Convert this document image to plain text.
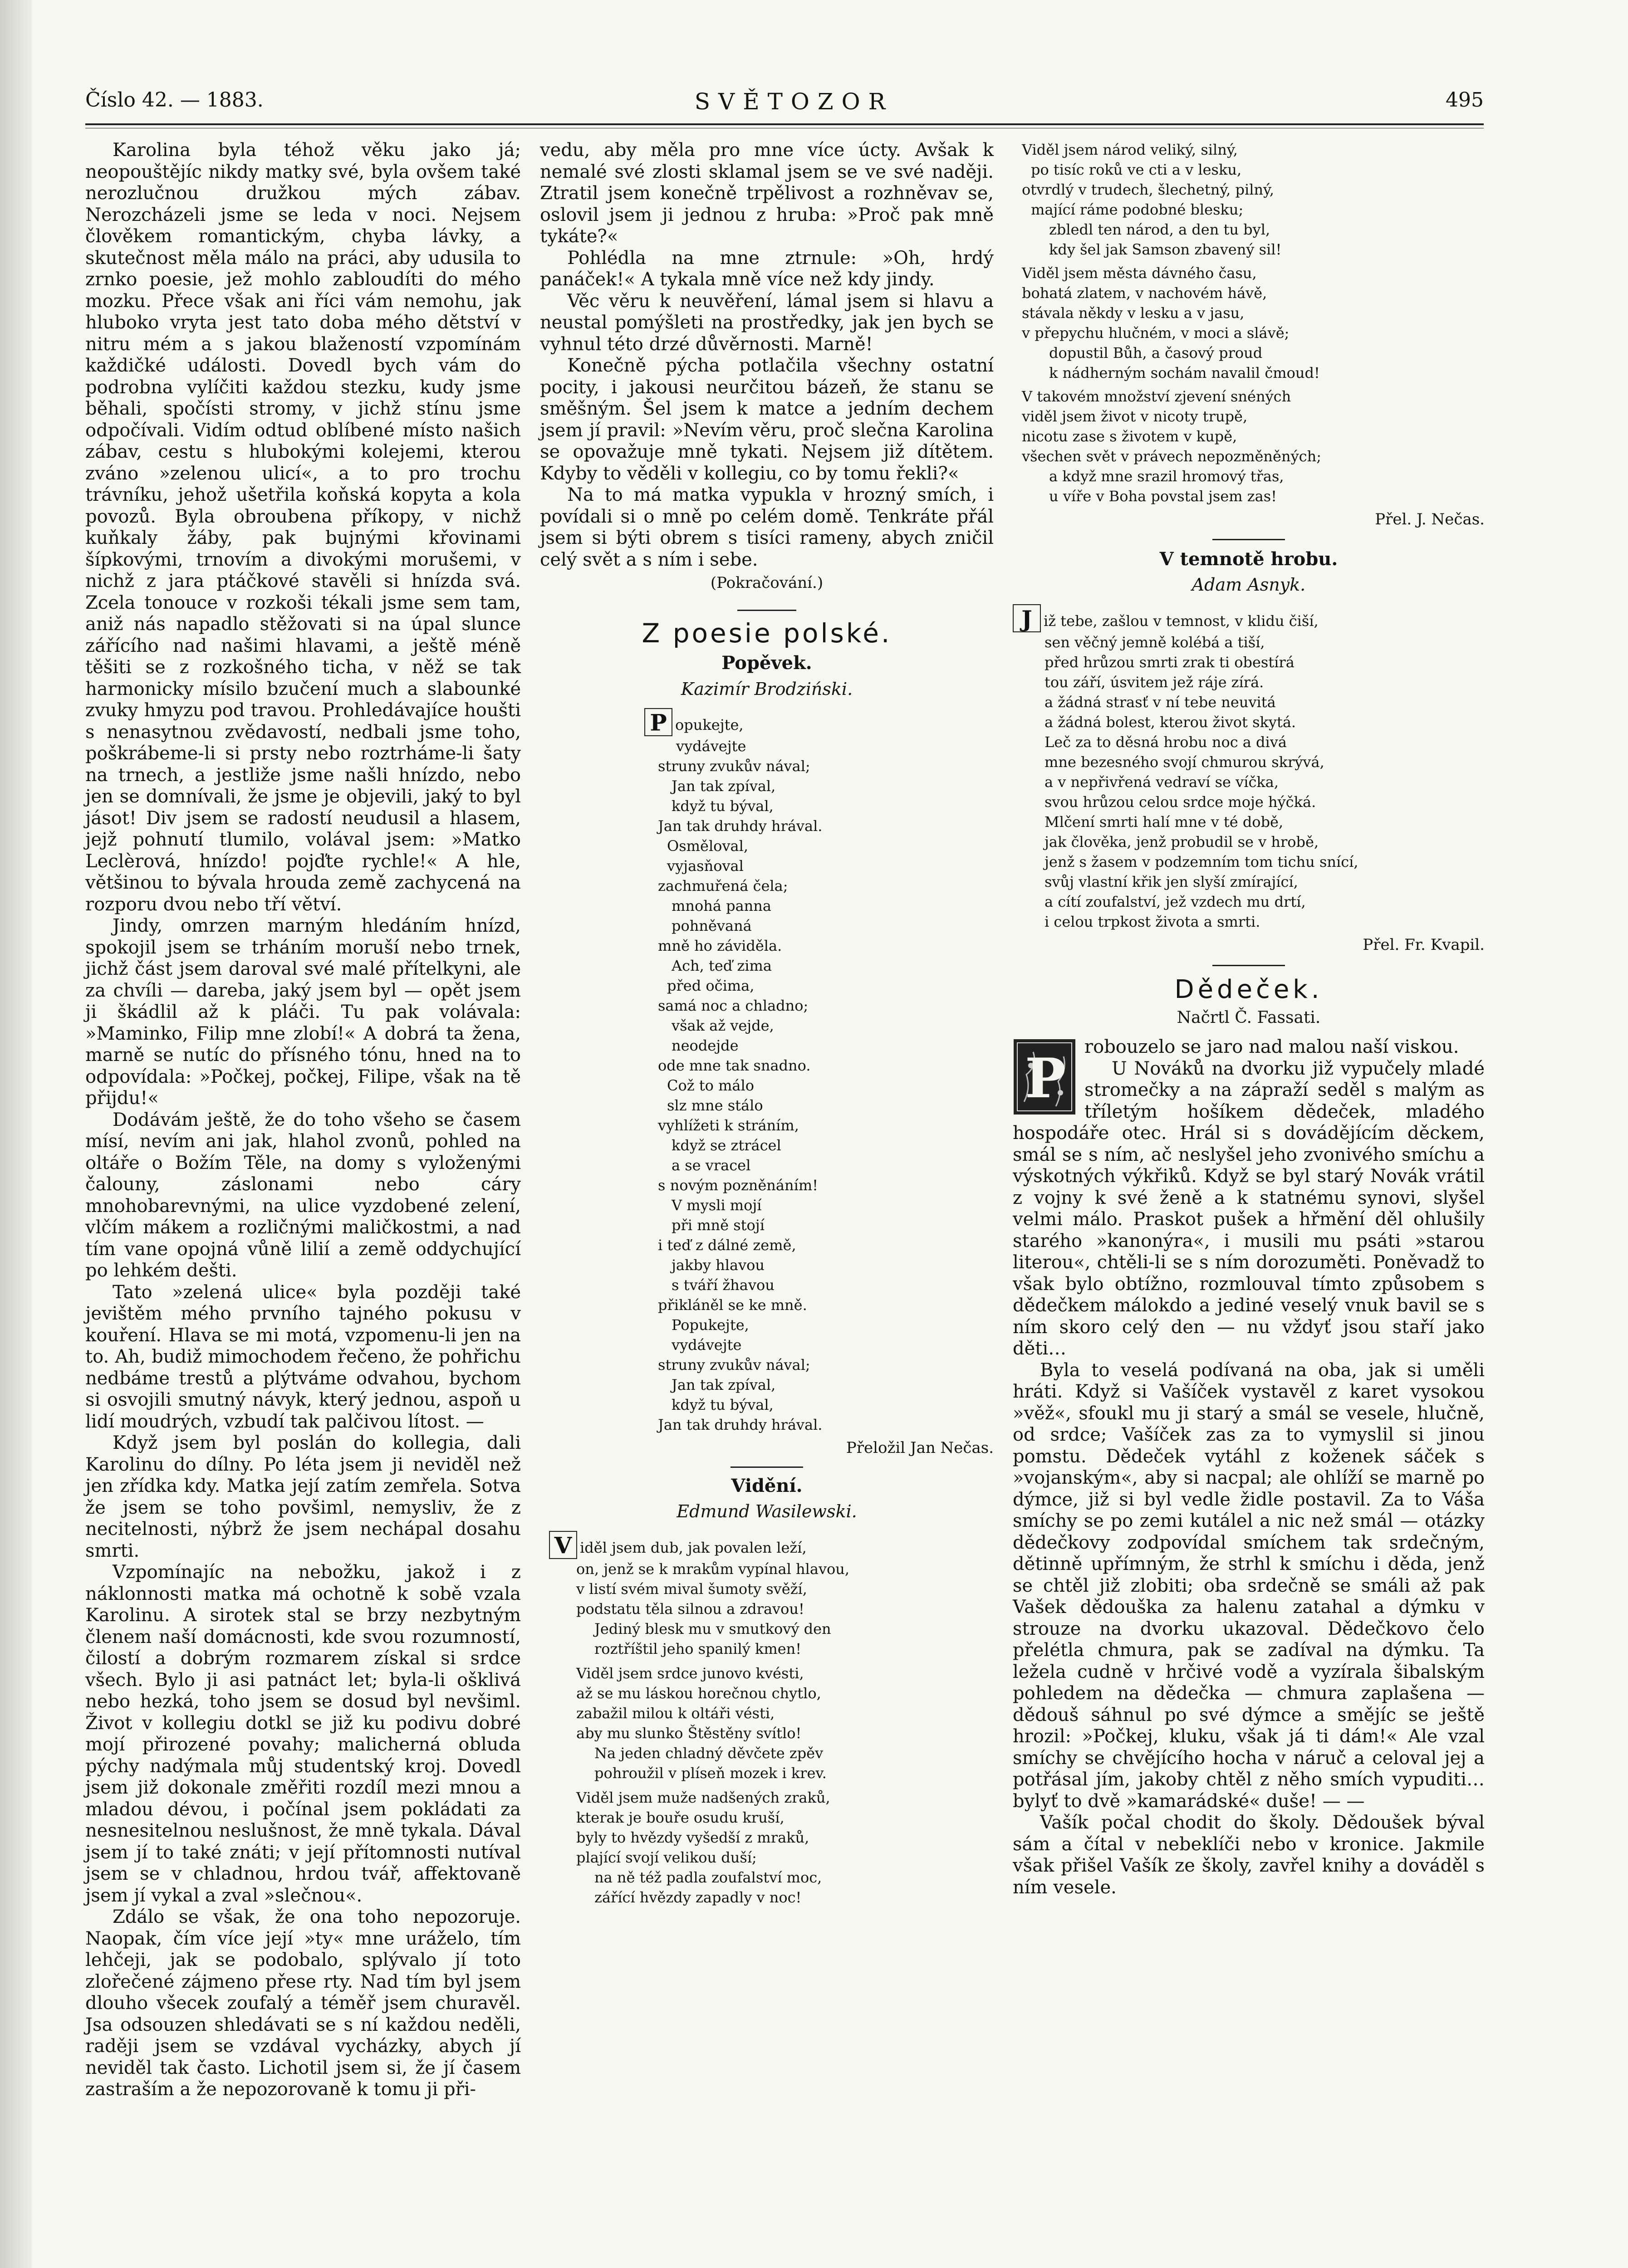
Číslo 42. — 1883.	SVĚTOZOR	495

Karolina byla téhož věku jako já; neopouštějíc nikdy matky své, byla ovšem také nerozlučnou družkou mých zábav. Nerozcházeli jsme se leda v noci. Nejsem člověkem romantickým, chyba lávky, a skutečnost měla málo na práci, aby udusila to zrnko poesie, jež mohlo zabloudíti do mého mozku. Přece však ani říci vám nemohu, jak hluboko vryta jest tato doba mého dětství v nitru mém a s jakou blažeností vzpomínám každičké události. Dovedl bych vám do podrobna vylíčiti každou stezku, kudy jsme běhali, spočísti stromy, v jichž stínu jsme odpočívali. Vidím odtud oblíbené místo našich zábav, cestu s hlubokými kolejemi, kterou zváno »zelenou ulicí«, a to pro trochu trávníku, jehož ušetřila koňská kopyta a kola povozů. Byla obroubena příkopy, v nichž kuňkaly žáby, pak bujnými křovinami šípkovými, trnovím a divokými morušemi, v nichž z jara ptáčkové stavěli si hnízda svá. Zcela tonouce v rozkoši tékali jsme sem tam, aniž nás napadlo stěžovati si na úpal slunce zářícího nad našimi hlavami, a ještě méně těšiti se z rozkošného ticha, v něž se tak harmonicky mísilo bzučení much a slabounké zvuky hmyzu pod travou. Prohledávajíce houšti s nenasytnou zvědavostí, nedbali jsme toho, poškrábeme-li si prsty nebo roztrháme-li šaty na trnech, a jestliže jsme našli hnízdo, nebo jen se domnívali, že jsme je objevili, jaký to byl jásot! Div jsem se radostí neudusil a hlasem, jejž pohnutí tlumilo, volával jsem: »Matko Leclèrová, hnízdo! pojďte rychle!« A hle, většinou to bývala hrouda země zachycená na rozporu dvou nebo tří větví.

Jindy, omrzen marným hledáním hnízd, spokojil jsem se trháním moruší nebo trnek, jichž část jsem daroval své malé přítelkyni, ale za chvíli — dareba, jaký jsem byl — opět jsem ji škádlil až k pláči. Tu pak volávala: »Maminko, Filip mne zlobí!« A dobrá ta žena, marně se nutíc do přísného tónu, hned na to odpovídala: »Počkej, počkej, Filipe, však na tě přijdu!«

Dodávám ještě, že do toho všeho se časem mísí, nevím ani jak, hlahol zvonů, pohled na oltáře o Božím Těle, na domy s vyloženými čalouny, záslonami nebo cáry mnohobarevnými, na ulice vyzdobené zelení, vlčím mákem a rozličnými maličkostmi, a nad tím vane opojná vůně lilií a země oddychující po lehkém dešti.

Tato »zelená ulice« byla později také jevištěm mého prvního tajného pokusu v kouření. Hlava se mi motá, vzpomenu-li jen na to. Ah, budiž mimochodem řečeno, že pohřichu nedbáme trestů a plýtváme odvahou, bychom si osvojili smutný návyk, který jednou, aspoň u lidí moudrých, vzbudí tak palčivou lítost. —

Když jsem byl poslán do kollegia, dali Karolinu do dílny. Po léta jsem ji neviděl než jen zřídka kdy. Matka její zatím zemřela. Sotva že jsem se toho povšiml, nemysliv, že z necitelnosti, nýbrž že jsem nechápal dosahu smrti.

Vzpomínajíc na nebožku, jakož i z náklonnosti matka má ochotně k sobě vzala Karolinu. A sirotek stal se brzy nezbytným členem naší domácnosti, kde svou rozumností, čilostí a dobrým rozmarem získal si srdce všech. Bylo ji asi patnáct let; byla-li ošklivá nebo hezká, toho jsem se dosud byl nevšiml. Život v kollegiu dotkl se již ku podivu dobré mojí přirozené povahy; malicherná obluda pýchy nadýmala můj studentský kroj. Dovedl jsem již dokonale změřiti rozdíl mezi mnou a mladou dévou, i počínal jsem pokládati za nesnesitelnou neslušnost, že mně tykala. Dával jsem jí to také znáti; v její přítomnosti nutíval jsem se v chladnou, hrdou tvář, affektovaně jsem jí vykal a zval »slečnou«.

Zdálo se však, že ona toho nepozoruje. Naopak, čím více její »ty« mne uráželo, tím lehčeji, jak se podobalo, splývalo jí toto zlořečené zájmeno přese rty. Nad tím byl jsem dlouho všecek zoufalý a téměř jsem churavěl. Jsa odsouzen shledávati se s ní každou neděli, raději jsem se vzdával vycházky, abych jí neviděl tak často. Lichotil jsem si, že jí časem zastraším a že nepozorovaně k tomu ji při-

vedu, aby měla pro mne více úcty. Avšak k nemalé své zlosti sklamal jsem se ve své naději. Ztratil jsem konečně trpělivost a rozhněvav se, oslovil jsem ji jednou z hruba: »Proč pak mně tykáte?«

Pohlédla na mne ztrnule: »Oh, hrdý panáček!« A tykala mně více než kdy jindy.

Věc věru k neuvěření, lámal jsem si hlavu a neustal pomýšleti na prostředky, jak jen bych se vyhnul této drzé důvěrnosti. Marně!

Konečně pýcha potlačila všechny ostatní pocity, i jakousi neurčitou bázeň, že stanu se směšným. Šel jsem k matce a jedním dechem jsem jí pravil: »Nevím věru, proč slečna Karolina se opovažuje mně tykati. Nejsem již dítětem. Kdyby to věděli v kollegiu, co by tomu řekli?«

Na to má matka vypukla v hrozný smích, i povídali si o mně po celém domě. Tenkráte přál jsem si býti obrem s tisíci rameny, abych zničil celý svět a s ním i sebe.

(Pokračování.)
Z poesie polské.
Popěvek.
Kazimír Brodziński.
P opukejte,
vydávejte
struny zvukův nával;
Jan tak zpíval,
když tu býval,
Jan tak druhdy hrával.
Osměloval,
vyjasňoval
zachmuřená čela;
mnohá panna
pohněvaná
mně ho záviděla.
Ach, teď zima
před očima,
samá noc a chladno;
však až vejde,
neodejde
ode mne tak snadno.
Což to málo
slz mne stálo
vyhlížeti k stráním,
když se ztrácel
a se vracel
s novým pozněnáním!
V mysli mojí
při mně stojí
i teď z dálné země,
jakby hlavou
s tváří žhavou
přikláněl se ke mně.
Popukejte,
vydávejte
struny zvukův nával;
Jan tak zpíval,
když tu býval,
Jan tak druhdy hrával.
Přeložil Jan Nečas.
Vidění.
Edmund Wasilewski.
V iděl jsem dub, jak povalen leží,
on, jenž se k mrakům vypínal hlavou,
v listí svém mival šumoty svěží,
podstatu těla silnou a zdravou!
Jediný blesk mu v smutkový den
roztříštil jeho spanilý kmen!
Viděl jsem srdce junovo kvésti,
až se mu láskou horečnou chytlo,
zabažil milou k oltáři vésti,
aby mu slunko Štěstěny svítlo!
Na jeden chladný děvčete zpěv
pohroužil v plíseň mozek i krev.
Viděl jsem muže nadšených zraků,
kterak je bouře osudu kruší,
byly to hvězdy vyšedší z mraků,
plající svojí velikou duší;
na ně též padla zoufalství moc,
zářící hvězdy zapadly v noc!
Viděl jsem národ veliký, silný,
po tisíc roků ve cti a v lesku,
otvrdlý v trudech, šlechetný, pilný,
mající ráme podobné blesku;
zbledl ten národ, a den tu byl,
kdy šel jak Samson zbavený sil!
Viděl jsem města dávného času,
bohatá zlatem, v nachovém hávě,
stávala někdy v lesku a v jasu,
v přepychu hlučném, v moci a slávě;
dopustil Bůh, a časový proud
k nádherným sochám navalil čmoud!
V takovém množství zjevení snéných
viděl jsem život v nicoty trupě,
nicotu zase s životem v kupě,
všechen svět v právech nepozměněných;
a když mne srazil hromový třas,
u víře v Boha povstal jsem zas!
Přel. J. Nečas.
V temnotě hrobu.
Adam Asnyk.
J iž tebe, zašlou v temnost, v klidu čiší,
sen věčný jemně kolébá a tiší,
před hrůzou smrti zrak ti obestírá
tou září, úsvitem jež ráje zírá.
a žádná strasť v ní tebe neuvitá
a žádná bolest, kterou život skytá.
Leč za to děsná hrobu noc a divá
mne bezesného svojí chmurou skrývá,
a v nepřivřená vedraví se víčka,
svou hrůzou celou srdce moje hýčká.
Mlčení smrti halí mne v té době,
jak člověka, jenž probudil se v hrobě,
jenž s žasem v podzemním tom tichu snící,
svůj vlastní křik jen slyší zmírající,
a cítí zoufalství, jež vzdech mu drtí,
i celou trpkost života a smrti.
Přel. Fr. Kvapil.
Dědeček.
Načrtl Č. Fassati.
P	robouzelo se jaro nad malou naší viskou.

U Nováků na dvorku již vypučely mladé stromečky a na zápraží seděl s malým as tříletým hošíkem dědeček, mladého hospodáře otec. Hrál si s dovádějícím děckem, smál se s ním, ač neslyšel jeho zvonivého smíchu a výskotných výkřiků. Když se byl starý Novák vrátil z vojny k své ženě a k statnému synovi, slyšel velmi málo. Praskot pušek a hřmění děl ohlušily starého »kanonýra«, i musili mu psáti »starou literou«, chtěli-li se s ním dorozuměti. Poněvadž to však bylo obtížno, rozmlouval tímto způsobem s dědečkem málokdo a jediné veselý vnuk bavil se s ním skoro celý den — nu vždyť jsou staří jako děti…

Byla to veselá podívaná na oba, jak si uměli hráti. Když si Vašíček vystavěl z karet vysokou »věž«, sfoukl mu ji starý a smál se vesele, hlučně, od srdce; Vašíček zas za to vymyslil si jinou pomstu. Dědeček vytáhl z koženek sáček s »vojanským«, aby si nacpal; ale ohlíží se marně po dýmce, již si byl vedle židle postavil. Za to Váša smíchy se po zemi kutálel a nic než smál — otázky dědečkovy zodpovídal smíchem tak srdečným, dětinně upřímným, že strhl k smíchu i děda, jenž se chtěl již zlobiti; oba srdečně se smáli až pak Vašek dědouška za halenu zatahal a dýmku v strouze na dvorku ukazoval. Dědečkovo čelo přelétla chmura, pak se zadíval na dýmku. Ta ležela cudně v hrčivé vodě a vyzírala šibalským pohledem na dědečka — chmura zaplašena — dědouš sáhnul po své dýmce a smějíc se ještě hrozil: »Počkej, kluku, však já ti dám!« Ale vzal smíchy se chvějícího hocha v náruč a celoval jej a potřásal jím, jakoby chtěl z něho smích vypuditi… bylyť to dvě »kamarádské« duše! — —

Vašík počal chodit do školy. Dědoušek býval sám a čítal v nebeklíči nebo v kronice. Jakmile však přišel Vašík ze školy, zavřel knihy a dováděl s ním vesele.
